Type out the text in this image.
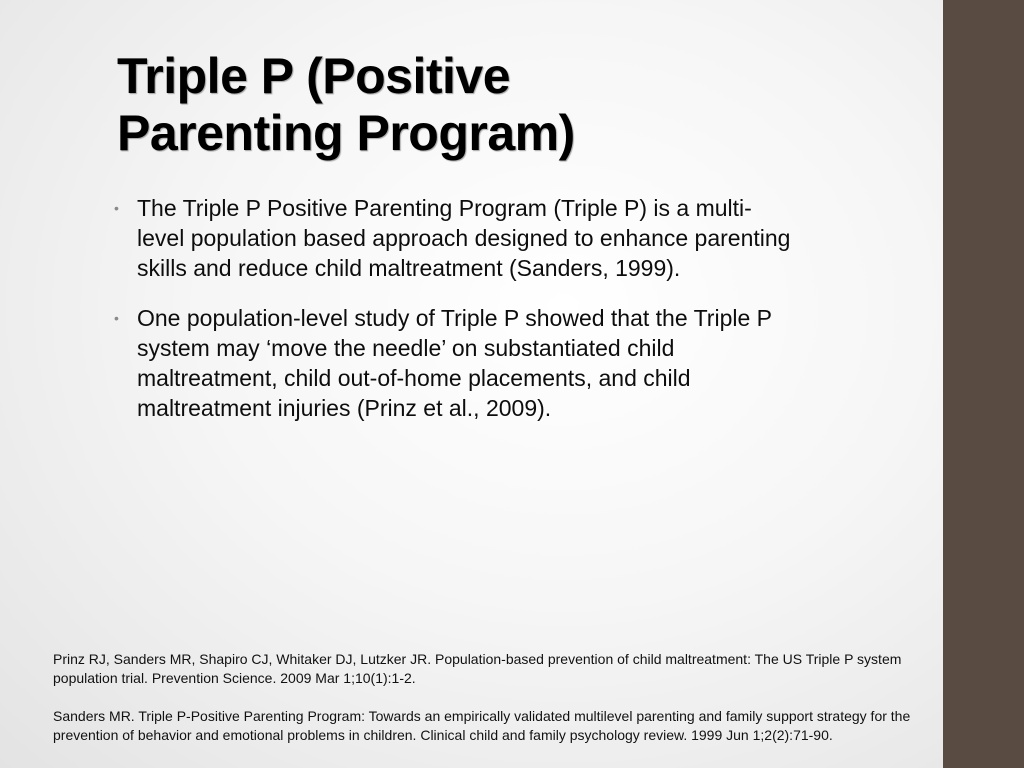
Triple P (Positive
Parenting Program)
• The Triple P Positive Parenting Program (Triple P) is a multi-level population based approach designed to enhance parenting skills and reduce child maltreatment (Sanders, 1999).
• One population-level study of Triple P showed that the Triple P system may ‘move the needle’ on substantiated child maltreatment, child out-of-home placements, and child maltreatment injuries (Prinz et al., 2009).

Prinz RJ, Sanders MR, Shapiro CJ, Whitaker DJ, Lutzker JR. Population-based prevention of child maltreatment: The US Triple P system population trial. Prevention Science. 2009 Mar 1;10(1):1-2.

Sanders MR. Triple P-Positive Parenting Program: Towards an empirically validated multilevel parenting and family support strategy for the prevention of behavior and emotional problems in children. Clinical child and family psychology review. 1999 Jun 1;2(2):71-90.
